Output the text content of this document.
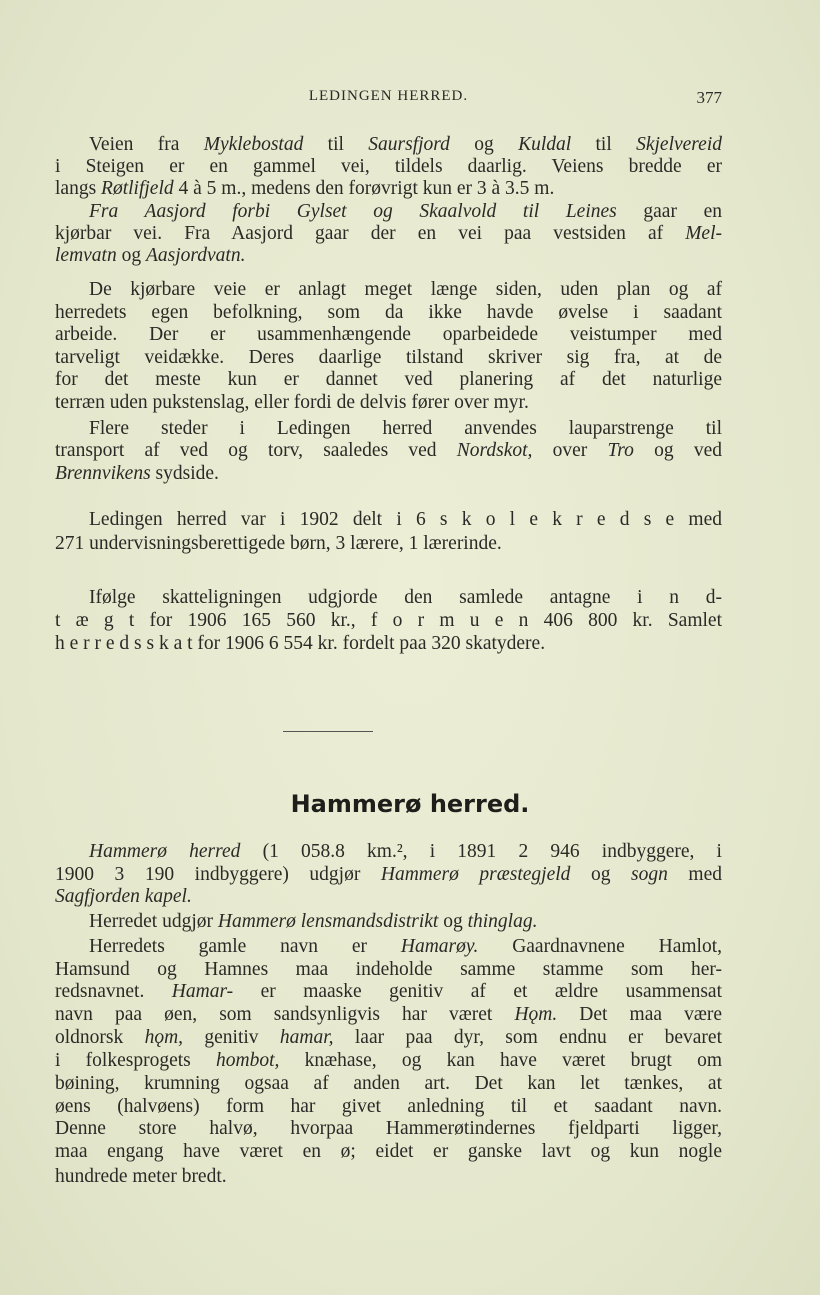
LEDINGEN HERRED.	377
Veien fra Myklebostad til Saursfjord og Kuldal til Skjelvereid
i Steigen er en gammel vei, tildels daarlig. Veiens bredde er
langs Røtlifjeld 4 à 5 m., medens den forøvrigt kun er 3 à 3.5 m.
Fra Aasjord forbi Gylset og Skaalvold til Leines gaar en
kjørbar vei. Fra Aasjord gaar der en vei paa vestsiden af Mel-
lemvatn og Aasjordvatn.
De kjørbare veie er anlagt meget længe siden, uden plan og af
herredets egen befolkning, som da ikke havde øvelse i saadant
arbeide. Der er usammenhængende oparbeidede veistumper med
tarveligt veidække. Deres daarlige tilstand skriver sig fra, at de
for det meste kun er dannet ved planering af det naturlige
terræn uden pukstenslag, eller fordi de delvis fører over myr.
Flere steder i Ledingen herred anvendes lauparstrenge til
transport af ved og torv, saaledes ved Nordskot, over Tro og ved
Brennvikens sydside.
Ledingen herred var i 1902 delt i 6 s k o l e k r e d s e med
271 undervisningsberettigede børn, 3 lærere, 1 lærerinde.
Ifølge skatteligningen udgjorde den samlede antagne i n d-
t æ g t for 1906 165 560 kr., f o r m u e n 406 800 kr. Samlet
h e r r e d s s k a t for 1906 6 554 kr. fordelt paa 320 skatydere.
Hammerø herred.
Hammerø herred (1 058.8 km.², i 1891 2 946 indbyggere, i
1900 3 190 indbyggere) udgjør Hammerø præstegjeld og sogn med
Sagfjorden kapel.
Herredet udgjør Hammerø lensmandsdistrikt og thinglag.
Herredets gamle navn er Hamarøy. Gaardnavnene Hamlot,
Hamsund og Hamnes maa indeholde samme stamme som her-
redsnavnet. Hamar- er maaske genitiv af et ældre usammensat
navn paa øen, som sandsynligvis har været Hǫm. Det maa være
oldnorsk hǫm, genitiv hamar, laar paa dyr, som endnu er bevaret
i folkesprogets hombot, knæhase, og kan have været brugt om
bøining, krumning ogsaa af anden art. Det kan let tænkes, at
øens (halvøens) form har givet anledning til et saadant navn.
Denne store halvø, hvorpaa Hammerøtindernes fjeldparti ligger,
maa engang have været en ø; eidet er ganske lavt og kun nogle
hundrede meter bredt.
